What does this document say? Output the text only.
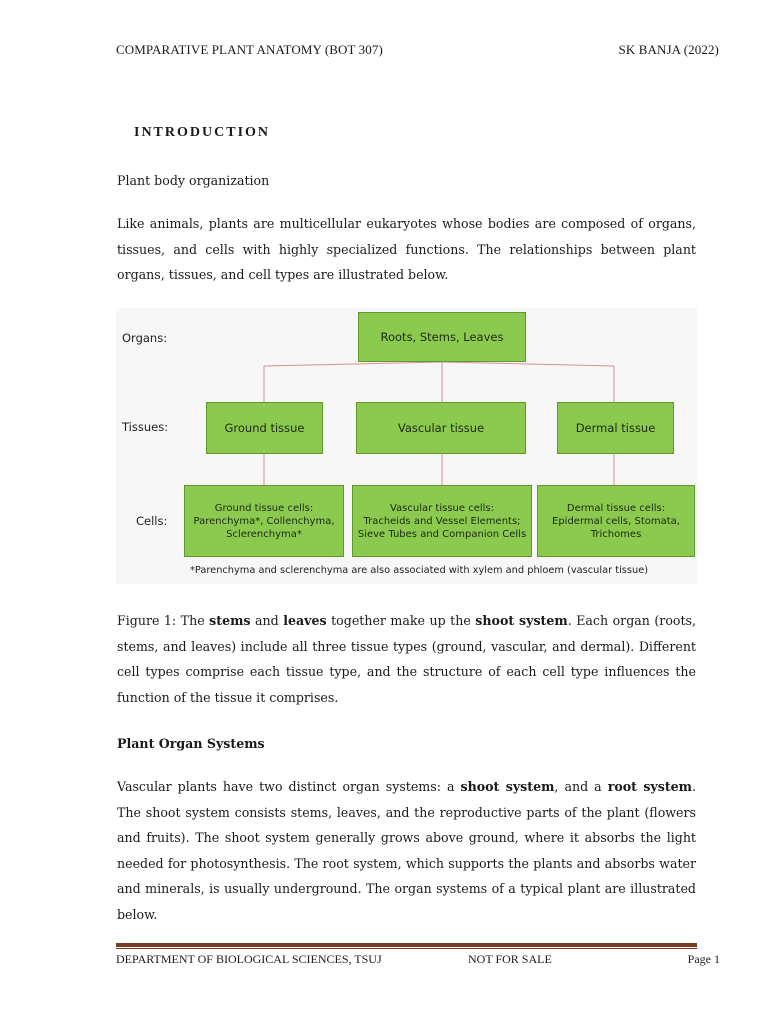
COMPARATIVE PLANT ANATOMY (BOT 307)	SK BANJA (2022)
INTRODUCTION
Plant body organization

Like animals, plants are multicellular eukaryotes whose bodies are composed of organs, tissues, and cells with highly specialized functions. The relationships between plant organs, tissues, and cell types are illustrated below.

Organs:
Tissues:
Cells:
Roots, Stems, Leaves
Ground tissue	Vascular tissue	Dermal tissue
Ground tissue cells:
Parenchyma*, Collenchyma,
Sclerenchyma*
Vascular tissue cells:
Tracheids and Vessel Elements;
Sieve Tubes and Companion Cells
Dermal tissue cells:
Epidermal cells, Stomata,
Trichomes
*Parenchyma and sclerenchyma are also associated with xylem and phloem (vascular tissue)

Figure 1: The stems and leaves together make up the shoot system. Each organ (roots, stems, and leaves) include all three tissue types (ground, vascular, and dermal). Different cell types comprise each tissue type, and the structure of each cell type influences the function of the tissue it comprises.

Plant Organ Systems

Vascular plants have two distinct organ systems: a shoot system, and a root system. The shoot system consists stems, leaves, and the reproductive parts of the plant (flowers and fruits). The shoot system generally grows above ground, where it absorbs the light needed for photosynthesis. The root system, which supports the plants and absorbs water and minerals, is usually underground. The organ systems of a typical plant are illustrated below.

DEPARTMENT OF BIOLOGICAL SCIENCES, TSUJ	NOT FOR SALE	Page 1
